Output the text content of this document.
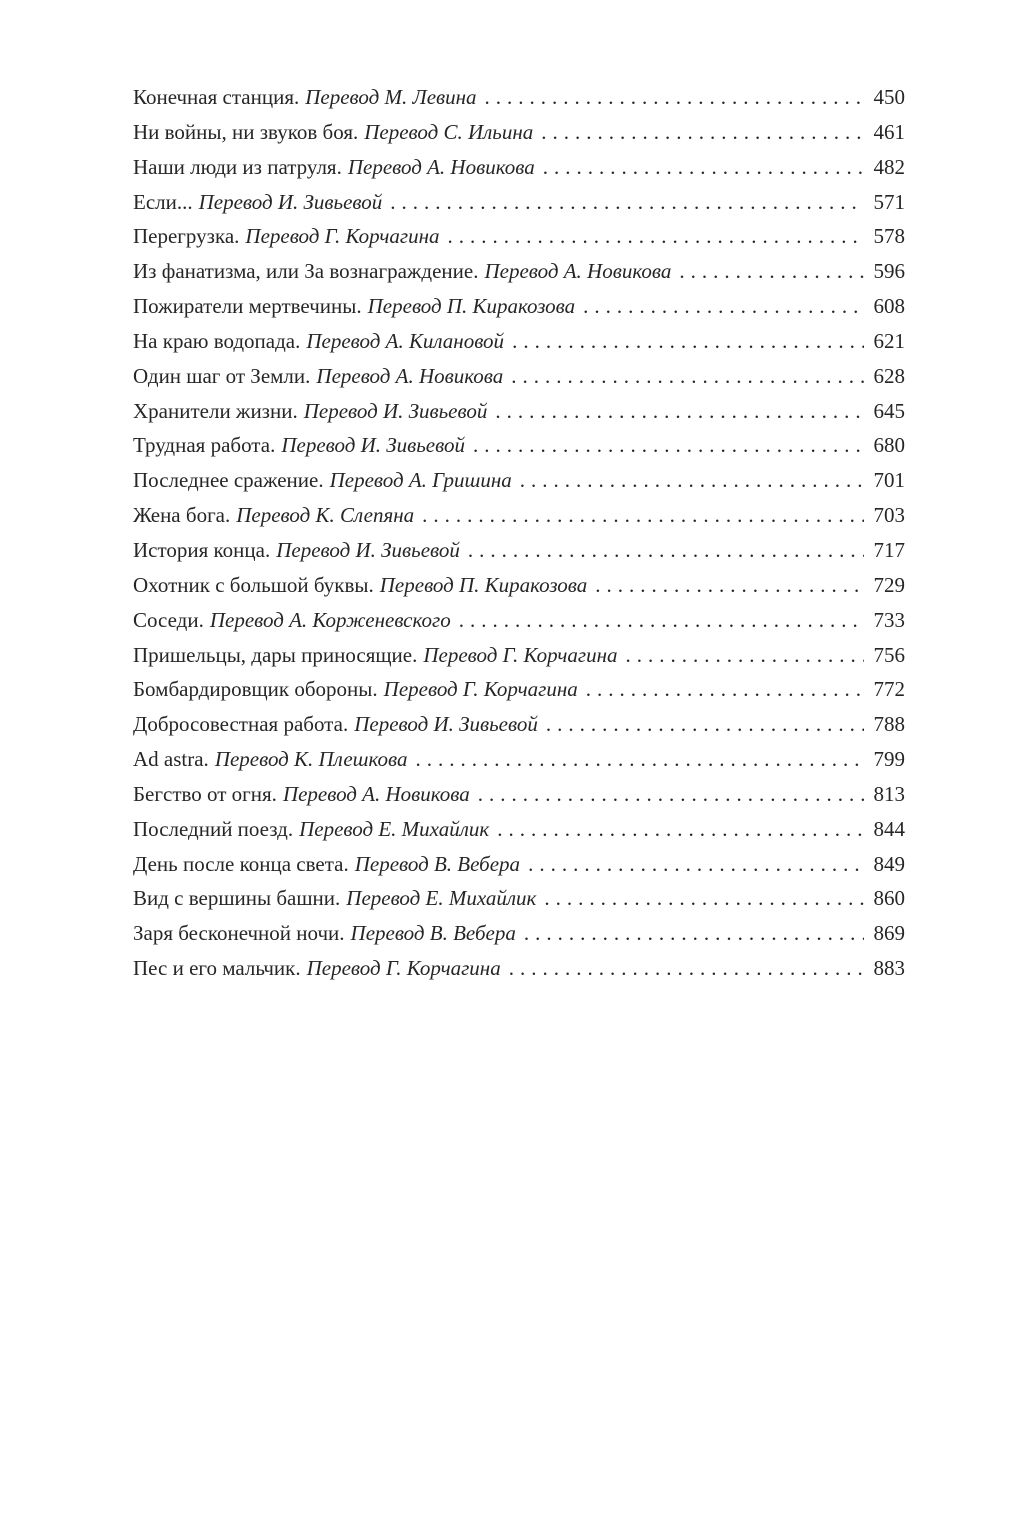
Конечная станция. Перевод М. Левина .....	450
Ни войны, ни звуков боя. Перевод С. Ильина .....	461
Наши люди из патруля. Перевод А. Новикова .....	482
Если... Перевод И. Зивьевой .....	571
Перегрузка. Перевод Г. Корчагина .....	578
Из фанатизма, или За вознаграждение. Перевод А. Новикова .....	596
Пожиратели мертвечины. Перевод П. Киракозова .....	608
На краю водопада. Перевод А. Килановой .....	621
Один шаг от Земли. Перевод А. Новикова .....	628
Хранители жизни. Перевод И. Зивьевой .....	645
Трудная работа. Перевод И. Зивьевой .....	680
Последнее сражение. Перевод А. Гришина .....	701
Жена бога. Перевод К. Слепяна .....	703
История конца. Перевод И. Зивьевой .....	717
Охотник с большой буквы. Перевод П. Киракозова .....	729
Соседи. Перевод А. Корженевского .....	733
Пришельцы, дары приносящие. Перевод Г. Корчагина .....	756
Бомбардировщик обороны. Перевод Г. Корчагина .....	772
Добросовестная работа. Перевод И. Зивьевой .....	788
Ad astra. Перевод К. Плешкова .....	799
Бегство от огня. Перевод А. Новикова .....	813
Последний поезд. Перевод Е. Михайлик .....	844
День после конца света. Перевод В. Вебера .....	849
Вид с вершины башни. Перевод Е. Михайлик .....	860
Заря бесконечной ночи. Перевод В. Вебера .....	869
Пес и его мальчик. Перевод Г. Корчагина .....	883
